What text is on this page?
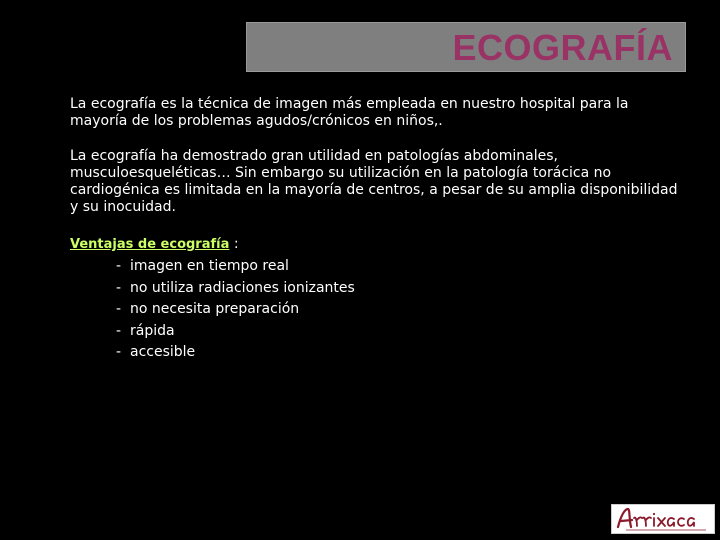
ECOGRAFÍA

La ecografía es la técnica de imagen más empleada en nuestro hospital para la mayoría de los problemas agudos/crónicos en niños,.

La ecografía ha demostrado gran utilidad en patologías abdominales, musculoesqueléticas… Sin embargo su utilización en la patología torácica no cardiogénica es limitada en la mayoría de centros, a pesar de su amplia disponibilidad y su inocuidad.

Ventajas de ecografía :
- imagen en tiempo real
- no utiliza radiaciones ionizantes
- no necesita preparación
- rápida
- accesible
